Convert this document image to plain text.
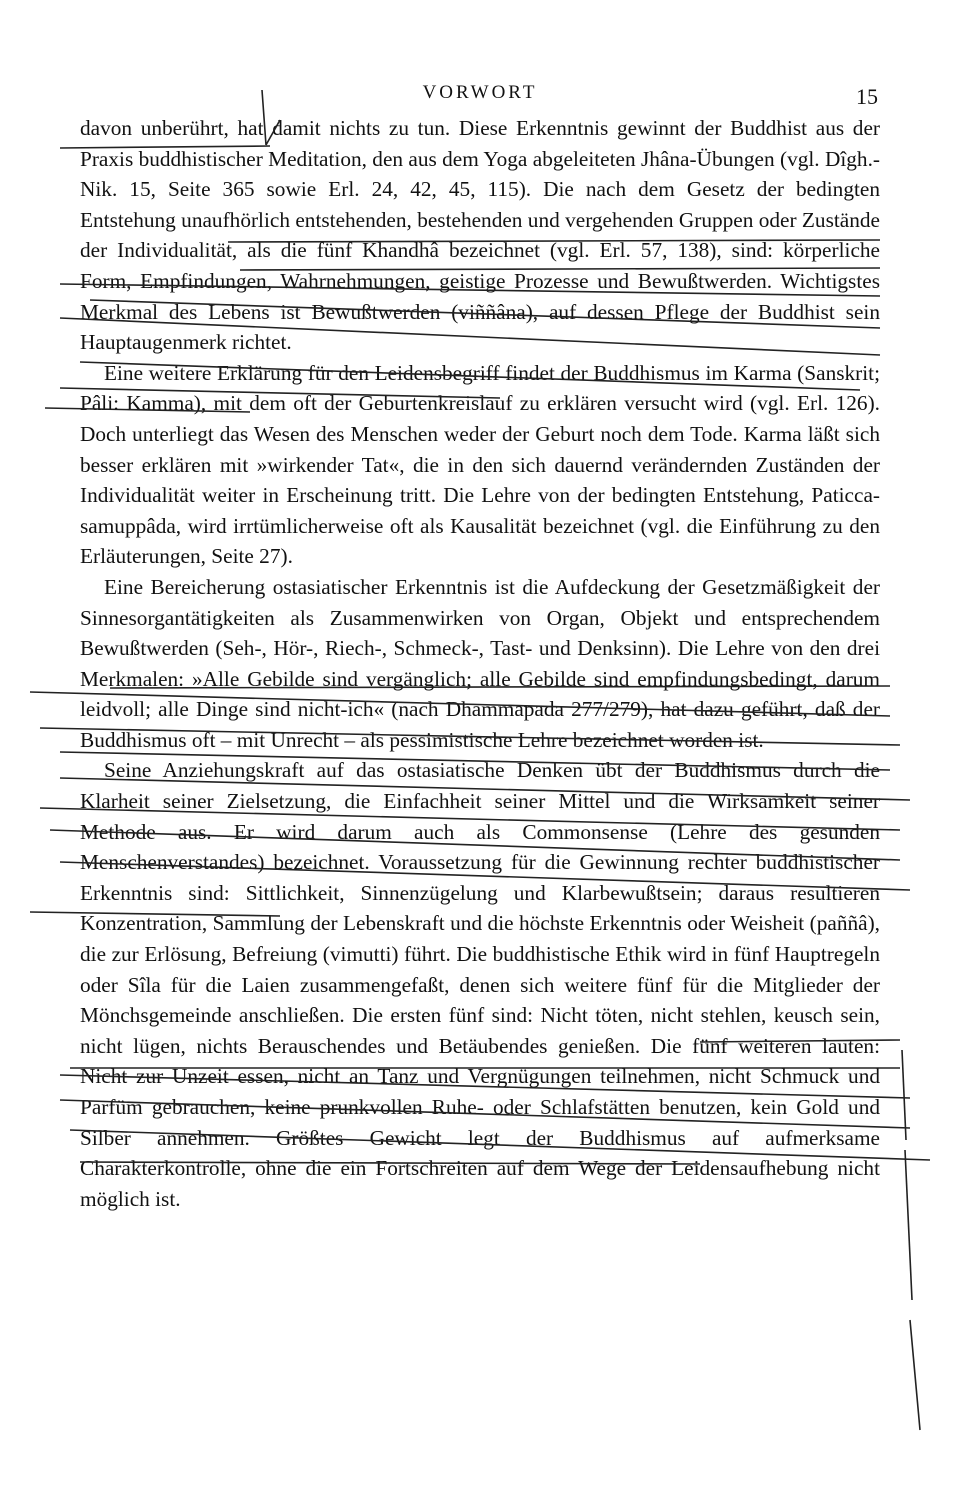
VORWORT	15

davon unberührt, hat damit nichts zu tun. Diese Erkenntnis gewinnt der Buddhist aus der Praxis buddhistischer Meditation, den aus dem Yoga abgeleiteten Jhâna-Übungen (vgl. Dîgh.-Nik. 15, Seite 365 sowie Erl. 24, 42, 45, 115). Die nach dem Gesetz der bedingten Entstehung unaufhörlich entstehenden, bestehenden und vergehenden Gruppen oder Zustände der Individualität, als die fünf Khandhâ bezeichnet (vgl. Erl. 57, 138), sind: körperliche Form, Empfindungen, Wahrnehmungen, geistige Prozesse und Bewußtwerden. Wichtigstes Merkmal des Lebens ist Bewußtwerden (viññâna), auf dessen Pflege der Buddhist sein Hauptaugenmerk richtet.

Eine weitere Erklärung für den Leidensbegriff findet der Buddhismus im Karma (Sanskrit; Pâli: Kamma), mit dem oft der Geburtenkreislauf zu erklären versucht wird (vgl. Erl. 126). Doch unterliegt das Wesen des Menschen weder der Geburt noch dem Tode. Karma läßt sich besser erklären mit »wirkender Tat«, die in den sich dauernd verändernden Zuständen der Individualität weiter in Erscheinung tritt. Die Lehre von der bedingten Entstehung, Paticca-samuppâda, wird irrtümlicherweise oft als Kausalität bezeichnet (vgl. die Einführung zu den Erläuterungen, Seite 27).

Eine Bereicherung ostasiatischer Erkenntnis ist die Aufdeckung der Gesetzmäßigkeit der Sinnesorgantätigkeiten als Zusammenwirken von Organ, Objekt und entsprechendem Bewußtwerden (Seh-, Hör-, Riech-, Schmeck-, Tast- und Denksinn). Die Lehre von den drei Merkmalen: »Alle Gebilde sind vergänglich; alle Gebilde sind empfindungsbedingt, darum leidvoll; alle Dinge sind nicht-ich« (nach Dhammapada 277/279), hat dazu geführt, daß der Buddhismus oft – mit Unrecht – als pessimistische Lehre bezeichnet worden ist.

Seine Anziehungskraft auf das ostasiatische Denken übt der Buddhismus durch die Klarheit seiner Zielsetzung, die Einfachheit seiner Mittel und die Wirksamkeit seiner Methode aus. Er wird darum auch als Commonsense (Lehre des gesunden Menschenverstandes) bezeichnet. Voraussetzung für die Gewinnung rechter buddhistischer Erkenntnis sind: Sittlichkeit, Sinnenzügelung und Klarbewußtsein; daraus resultieren Konzentration, Sammlung der Lebenskraft und die höchste Erkenntnis oder Weisheit (paññâ), die zur Erlösung, Befreiung (vimutti) führt. Die buddhistische Ethik wird in fünf Hauptregeln oder Sîla für die Laien zusammengefaßt, denen sich weitere fünf für die Mitglieder der Mönchsgemeinde anschließen. Die ersten fünf sind: Nicht töten, nicht stehlen, keusch sein, nicht lügen, nichts Berauschendes und Betäubendes genießen. Die fünf weiteren lauten: Nicht zur Unzeit essen, nicht an Tanz und Vergnügungen teilnehmen, nicht Schmuck und Parfüm gebrauchen, keine prunkvollen Ruhe- oder Schlafstätten benutzen, kein Gold und Silber annehmen. Größtes Gewicht legt der Buddhismus auf aufmerksame Charakterkontrolle, ohne die ein Fortschreiten auf dem Wege der Leidensaufhebung nicht möglich ist.
